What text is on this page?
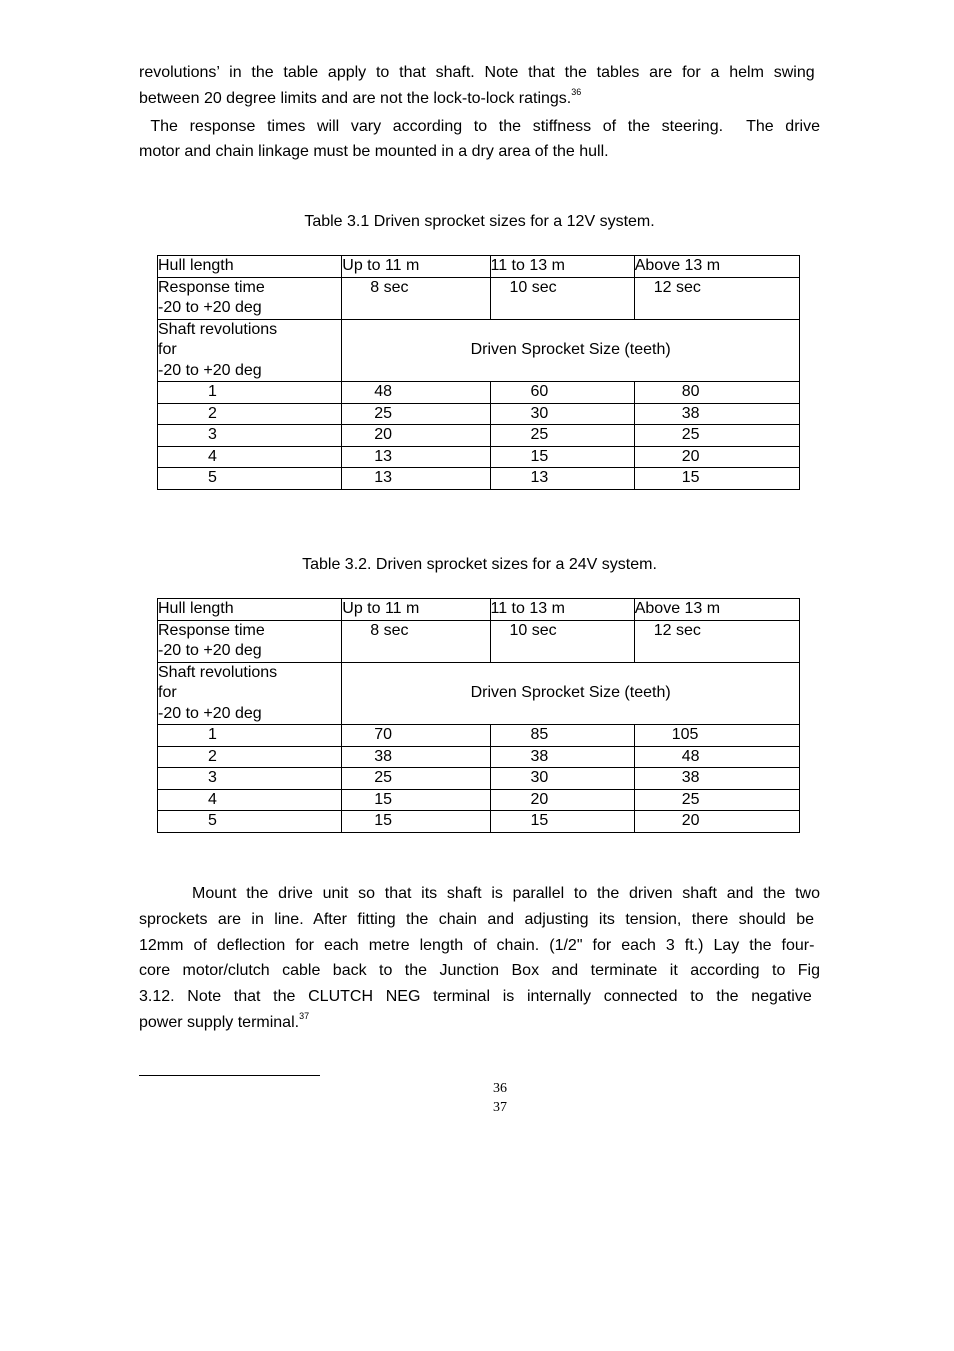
revolutions’ in the table apply to that shaft. Note that the tables are for a helm swing
between 20 degree limits and are not the lock-to-lock ratings.$^{36}$
The response times will vary according to the stiffness of the steering.  The drive
motor and chain linkage must be mounted in a dry area of the hull.
Table 3.1 Driven sprocket sizes for a 12V system.
Hull length	Up to 11 m	11 to 13 m	Above 13 m

Response time
-20 to +20 deg	8 sec	10 sec	12 sec

Shaft revolutions
for
-20 to +20 deg	Driven Sprocket Size (teeth)		
1	48	60	80
2	25	30	38
3	20	25	25
4	13	15	20
5	13	13	15
Table 3.2. Driven sprocket sizes for a 24V system.
Hull length	Up to 11 m	11 to 13 m	Above 13 m

Response time
-20 to +20 deg	8 sec	10 sec	12 sec

Shaft revolutions
for
-20 to +20 deg	Driven Sprocket Size (teeth)		
1	70	85	105
2	38	38	48
3	25	30	38
4	15	20	25
5	15	15	20
Mount the drive unit so that its shaft is parallel to the driven shaft and the two
sprockets are in line. After fitting the chain and adjusting its tension, there should be
12mm of deflection for each metre length of chain. (1/2" for each 3 ft.) Lay the four-
core motor/clutch cable back to the Junction Box and terminate it according to Fig
3.12. Note that the CLUTCH NEG terminal is internally connected to the negative
power supply terminal.$^{37}$
36
37
